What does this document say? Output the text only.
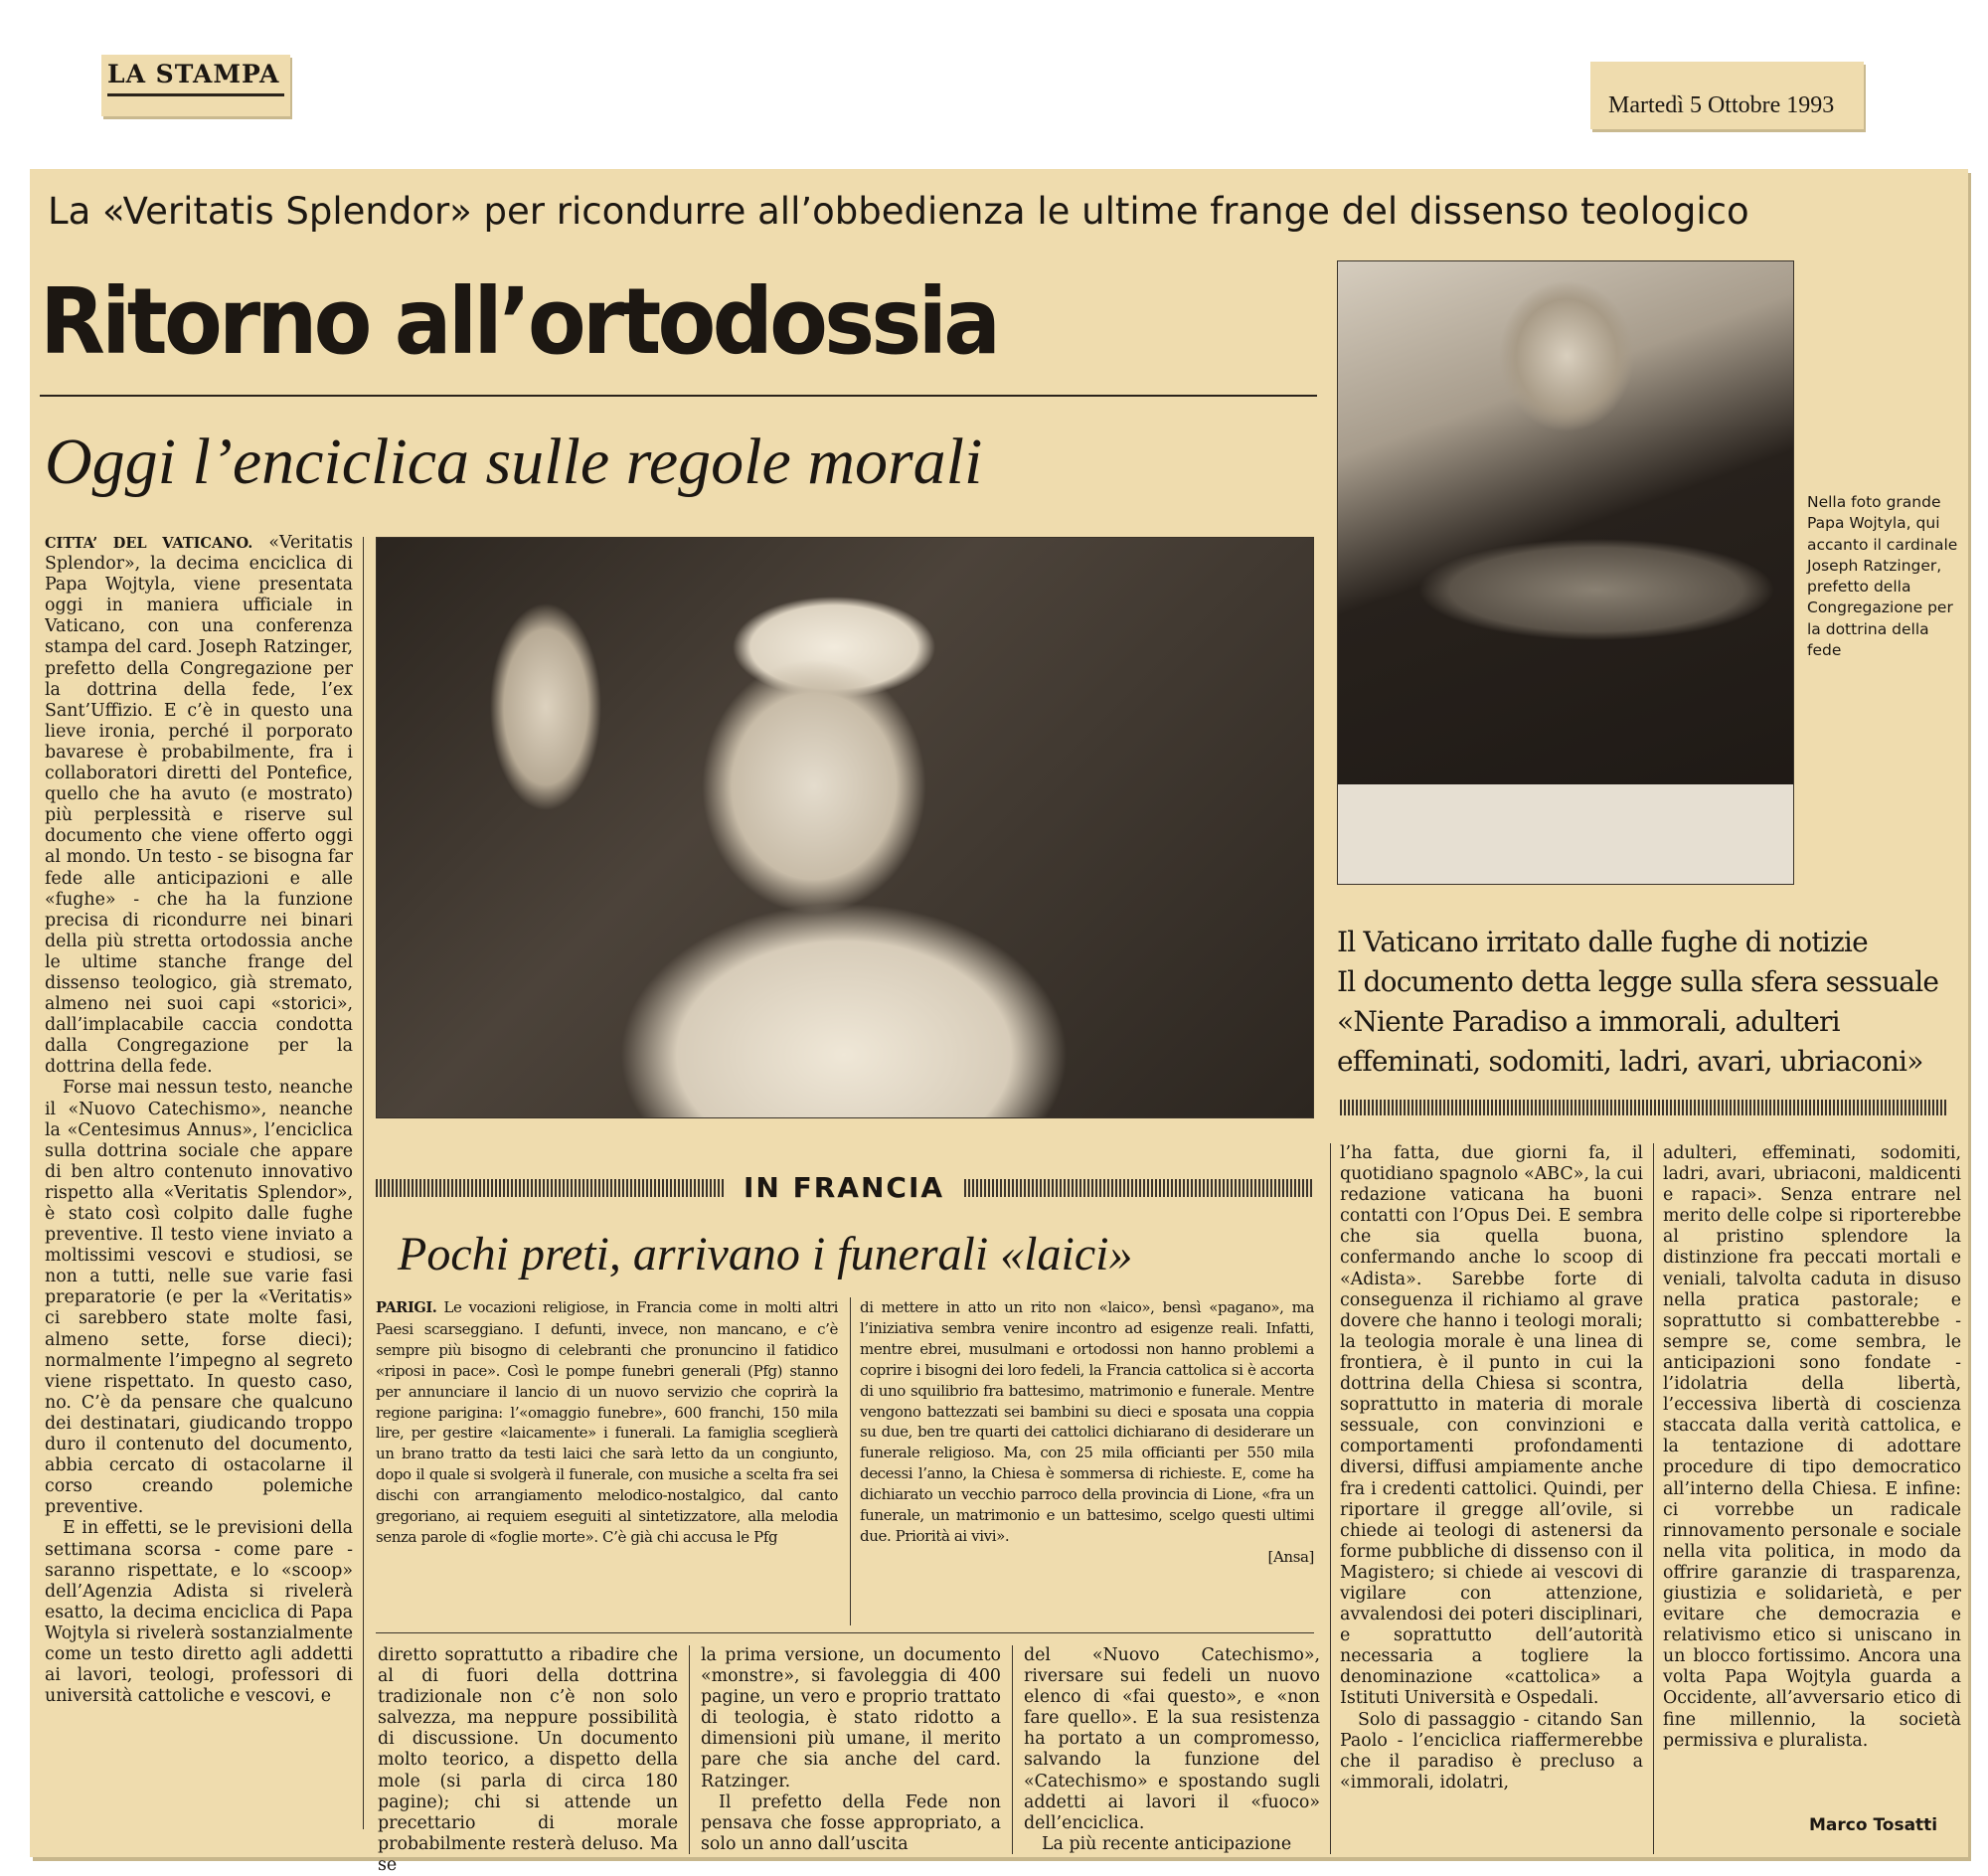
LA STAMPA
Martedì 5 Ottobre 1993
La «Veritatis Splendor» per ricondurre all’obbedienza le ultime frange del dissenso teologico
Ritorno all’ortodossia
Oggi l’enciclica sulle regole morali
Nella foto grande Papa Wojtyla, qui accanto il cardinale Joseph Ratzinger, prefetto della Congregazione per la dottrina della fede
Il Vaticano irritato dalle fughe di notizie
Il documento detta legge sulla sfera sessuale
«Niente Paradiso a immorali, adulteri
effeminati, sodomiti, ladri, avari, ubriaconi»

CITTA’ DEL VATICANO. «Veritatis Splendor», la decima enciclica di Papa Wojtyla, viene presentata oggi in maniera ufficiale in Vaticano, con una conferenza stampa del card. Joseph Ratzinger, prefetto della Congregazione per la dottrina della fede, l’ex Sant’Uffizio. E c’è in questo una lieve ironia, perché il porporato bavarese è probabilmente, fra i collaboratori diretti del Pontefice, quello che ha avuto (e mostrato) più perplessità e riserve sul documento che viene offerto oggi al mondo. Un testo - se bisogna far fede alle anticipazioni e alle «fughe» - che ha la funzione precisa di ricondurre nei binari della più stretta ortodossia anche le ultime stanche frange del dissenso teologico, già stremato, almeno nei suoi capi «storici», dall’implacabile caccia condotta dalla Congregazione per la dottrina della fede.

Forse mai nessun testo, neanche il «Nuovo Catechismo», neanche la «Centesimus Annus», l’enciclica sulla dottrina sociale che appare di ben altro contenuto innovativo rispetto alla «Veritatis Splendor», è stato così colpito dalle fughe preventive. Il testo viene inviato a moltissimi vescovi e studiosi, se non a tutti, nelle sue varie fasi preparatorie (e per la «Veritatis» ci sarebbero state molte fasi, almeno sette, forse dieci); normalmente l’impegno al segreto viene rispettato. In questo caso, no. C’è da pensare che qualcuno dei destinatari, giudicando troppo duro il contenuto del documento, abbia cercato di ostacolarne il corso creando polemiche preventive.

E in effetti, se le previsioni della settimana scorsa - come pare - saranno rispettate, e lo «scoop» dell’Agenzia Adista si rivelerà esatto, la decima enciclica di Papa Wojtyla si rivelerà sostanzialmente come un testo diretto agli addetti ai lavori, teologi, professori di università cattoliche e vescovi, e

IN FRANCIA
Pochi preti, arrivano i funerali «laici»

PARIGI. Le vocazioni religiose, in Francia come in molti altri Paesi scarseggiano. I defunti, invece, non mancano, e c’è sempre più bisogno di celebranti che pronuncino il fatidico «riposi in pace». Così le pompe funebri generali (Pfg) stanno per annunciare il lancio di un nuovo servizio che coprirà la regione parigina: l’«omaggio funebre», 600 franchi, 150 mila lire, per gestire «laicamente» i funerali. La famiglia sceglierà un brano tratto da testi laici che sarà letto da un congiunto, dopo il quale si svolgerà il funerale, con musiche a scelta fra sei dischi con arrangiamento melodico-nostalgico, dal canto gregoriano, ai requiem eseguiti al sintetizzatore, alla melodia senza parole di «foglie morte». C’è già chi accusa le Pfg

di mettere in atto un rito non «laico», bensì «pagano», ma l’iniziativa sembra venire incontro ad esigenze reali. Infatti, mentre ebrei, musulmani e ortodossi non hanno problemi a coprire i bisogni dei loro fedeli, la Francia cattolica si è accorta di uno squilibrio fra battesimo, matrimonio e funerale. Mentre vengono battezzati sei bambini su dieci e sposata una coppia su due, ben tre quarti dei cattolici dichiarano di desiderare un funerale religioso. Ma, con 25 mila officianti per 550 mila decessi l’anno, la Chiesa è sommersa di richieste. E, come ha dichiarato un vecchio parroco della provincia di Lione, «fra un funerale, un matrimonio e un battesimo, scelgo questi ultimi due. Priorità ai vivi».

[Ansa]

diretto soprattutto a ribadire che al di fuori della dottrina tradizionale non c’è non solo salvezza, ma neppure possibilità di discussione. Un documento molto teorico, a dispetto della mole (si parla di circa 180 pagine); chi si attende un precettario di morale probabilmente resterà deluso. Ma se

la prima versione, un documento «monstre», si favoleggia di 400 pagine, un vero e proprio trattato di teologia, è stato ridotto a dimensioni più umane, il merito pare che sia anche del card. Ratzinger.

Il prefetto della Fede non pensava che fosse appropriato, a solo un anno dall’uscita

del «Nuovo Catechismo», riversare sui fedeli un nuovo elenco di «fai questo», e «non fare quello». E la sua resistenza ha portato a un compromesso, salvando la funzione del «Catechismo» e spostando sugli addetti ai lavori il «fuoco» dell’enciclica.

La più recente anticipazione

l’ha fatta, due giorni fa, il quotidiano spagnolo «ABC», la cui redazione vaticana ha buoni contatti con l’Opus Dei. E sembra che sia quella buona, confermando anche lo scoop di «Adista». Sarebbe forte di conseguenza il richiamo al grave dovere che hanno i teologi morali; la teologia morale è una linea di frontiera, è il punto in cui la dottrina della Chiesa si scontra, soprattutto in materia di morale sessuale, con convinzioni e comportamenti profondamenti diversi, diffusi ampiamente anche fra i credenti cattolici. Quindi, per riportare il gregge all’ovile, si chiede ai teologi di astenersi da forme pubbliche di dissenso con il Magistero; si chiede ai vescovi di vigilare con attenzione, avvalendosi dei poteri disciplinari, e soprattutto dell’autorità necessaria a togliere la denominazione «cattolica» a Istituti Università e Ospedali.

Solo di passaggio - citando San Paolo - l’enciclica riaffermerebbe che il paradiso è precluso a «immorali, idolatri,

adulteri, effeminati, sodomiti, ladri, avari, ubriaconi, maldicenti e rapaci». Senza entrare nel merito delle colpe si riporterebbe al pristino splendore la distinzione fra peccati mortali e veniali, talvolta caduta in disuso nella pratica pastorale; e soprattutto si combatterebbe - sempre se, come sembra, le anticipazioni sono fondate - l’idolatria della libertà, l’eccessiva libertà di coscienza staccata dalla verità cattolica, e la tentazione di adottare procedure di tipo democratico all’interno della Chiesa. E infine: ci vorrebbe un radicale rinnovamento personale e sociale nella vita politica, in modo da offrire garanzie di trasparenza, giustizia e solidarietà, e per evitare che democrazia e relativismo etico si uniscano in un blocco fortissimo. Ancora una volta Papa Wojtyla guarda a Occidente, all’avversario etico di fine millennio, la società permissiva e pluralista.

Marco Tosatti
